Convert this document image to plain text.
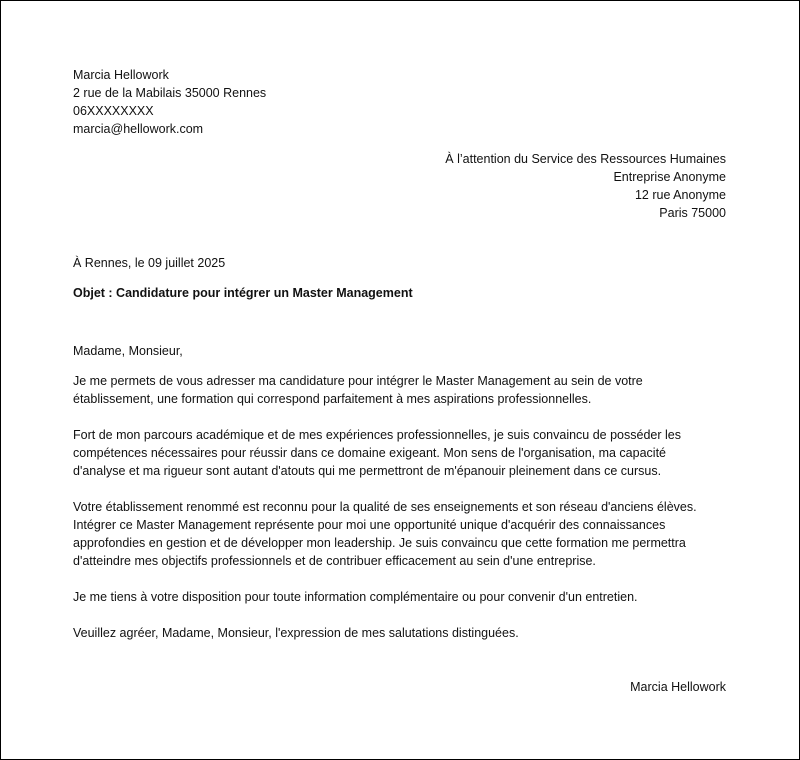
Marcia Hellowork
2 rue de la Mabilais 35000 Rennes
06XXXXXXXX
marcia@hellowork.com
À l’attention du Service des Ressources Humaines
Entreprise Anonyme
12 rue Anonyme
Paris 75000
À Rennes, le 09 juillet 2025
Objet : Candidature pour intégrer un Master Management
Madame, Monsieur,
Je me permets de vous adresser ma candidature pour intégrer le Master Management au sein de votre
établissement, une formation qui correspond parfaitement à mes aspirations professionnelles.
Fort de mon parcours académique et de mes expériences professionnelles, je suis convaincu de posséder les
compétences nécessaires pour réussir dans ce domaine exigeant. Mon sens de l'organisation, ma capacité
d'analyse et ma rigueur sont autant d'atouts qui me permettront de m'épanouir pleinement dans ce cursus.
Votre établissement renommé est reconnu pour la qualité de ses enseignements et son réseau d'anciens élèves.
Intégrer ce Master Management représente pour moi une opportunité unique d'acquérir des connaissances
approfondies en gestion et de développer mon leadership. Je suis convaincu que cette formation me permettra
d'atteindre mes objectifs professionnels et de contribuer efficacement au sein d'une entreprise.
Je me tiens à votre disposition pour toute information complémentaire ou pour convenir d'un entretien.
Veuillez agréer, Madame, Monsieur, l'expression de mes salutations distinguées.
Marcia Hellowork
